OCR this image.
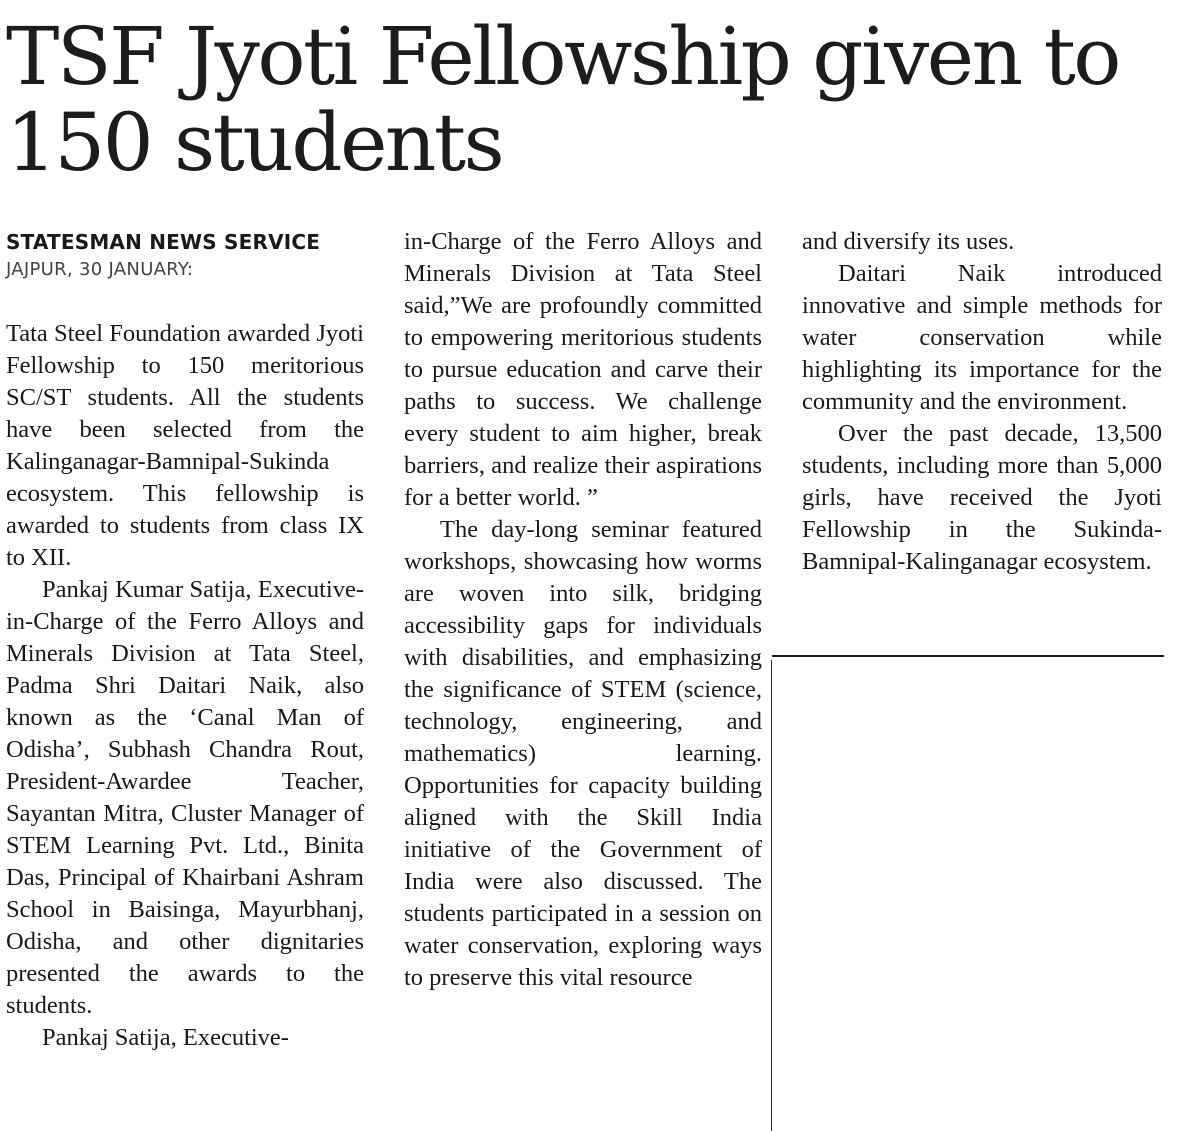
TSF Jyoti Fellowship given to 150 students
STATESMAN NEWS SERVICE
JAJPUR, 30 JANUARY:

Tata Steel Foundation awarded Jyoti Fellowship to 150 meritorious SC/ST students. All the students have been selected from the Kalinganagar-Bamnipal-Sukinda ecosystem. This fellowship is awarded to students from class IX to XII.

Pankaj Kumar Satija, Executive-in-Charge of the Ferro Alloys and Minerals Division at Tata Steel, Padma Shri Daitari Naik, also known as the ‘Canal Man of Odisha’, Subhash Chandra Rout, President-Awardee Teacher, Sayantan Mitra, Cluster Manager of STEM Learning Pvt. Ltd., Binita Das, Principal of Khairbani Ashram School in Baisinga, Mayurbhanj, Odisha, and other dignitaries presented the awards to the students.

Pankaj Satija, Executive-

in-Charge of the Ferro Alloys and Minerals Division at Tata Steel said,”We are profoundly committed to empowering meritorious students to pursue education and carve their paths to success. We challenge every student to aim higher, break barriers, and realize their aspirations for a better world. ”

The day-long seminar featured workshops, showcasing how worms are woven into silk, bridging accessibility gaps for individuals with disabilities, and emphasizing the significance of STEM (science, technology, engineering, and mathematics) learning. Opportunities for capacity building aligned with the Skill India initiative of the Government of India were also discussed. The students participated in a session on water conservation, exploring ways to preserve this vital resource

and diversify its uses.

Daitari Naik introduced innovative and simple methods for water conservation while highlighting its importance for the community and the environment.

Over the past decade, 13,500 students, including more than 5,000 girls, have received the Jyoti Fellowship in the Sukinda-Bamnipal-Kalinganagar ecosystem.
